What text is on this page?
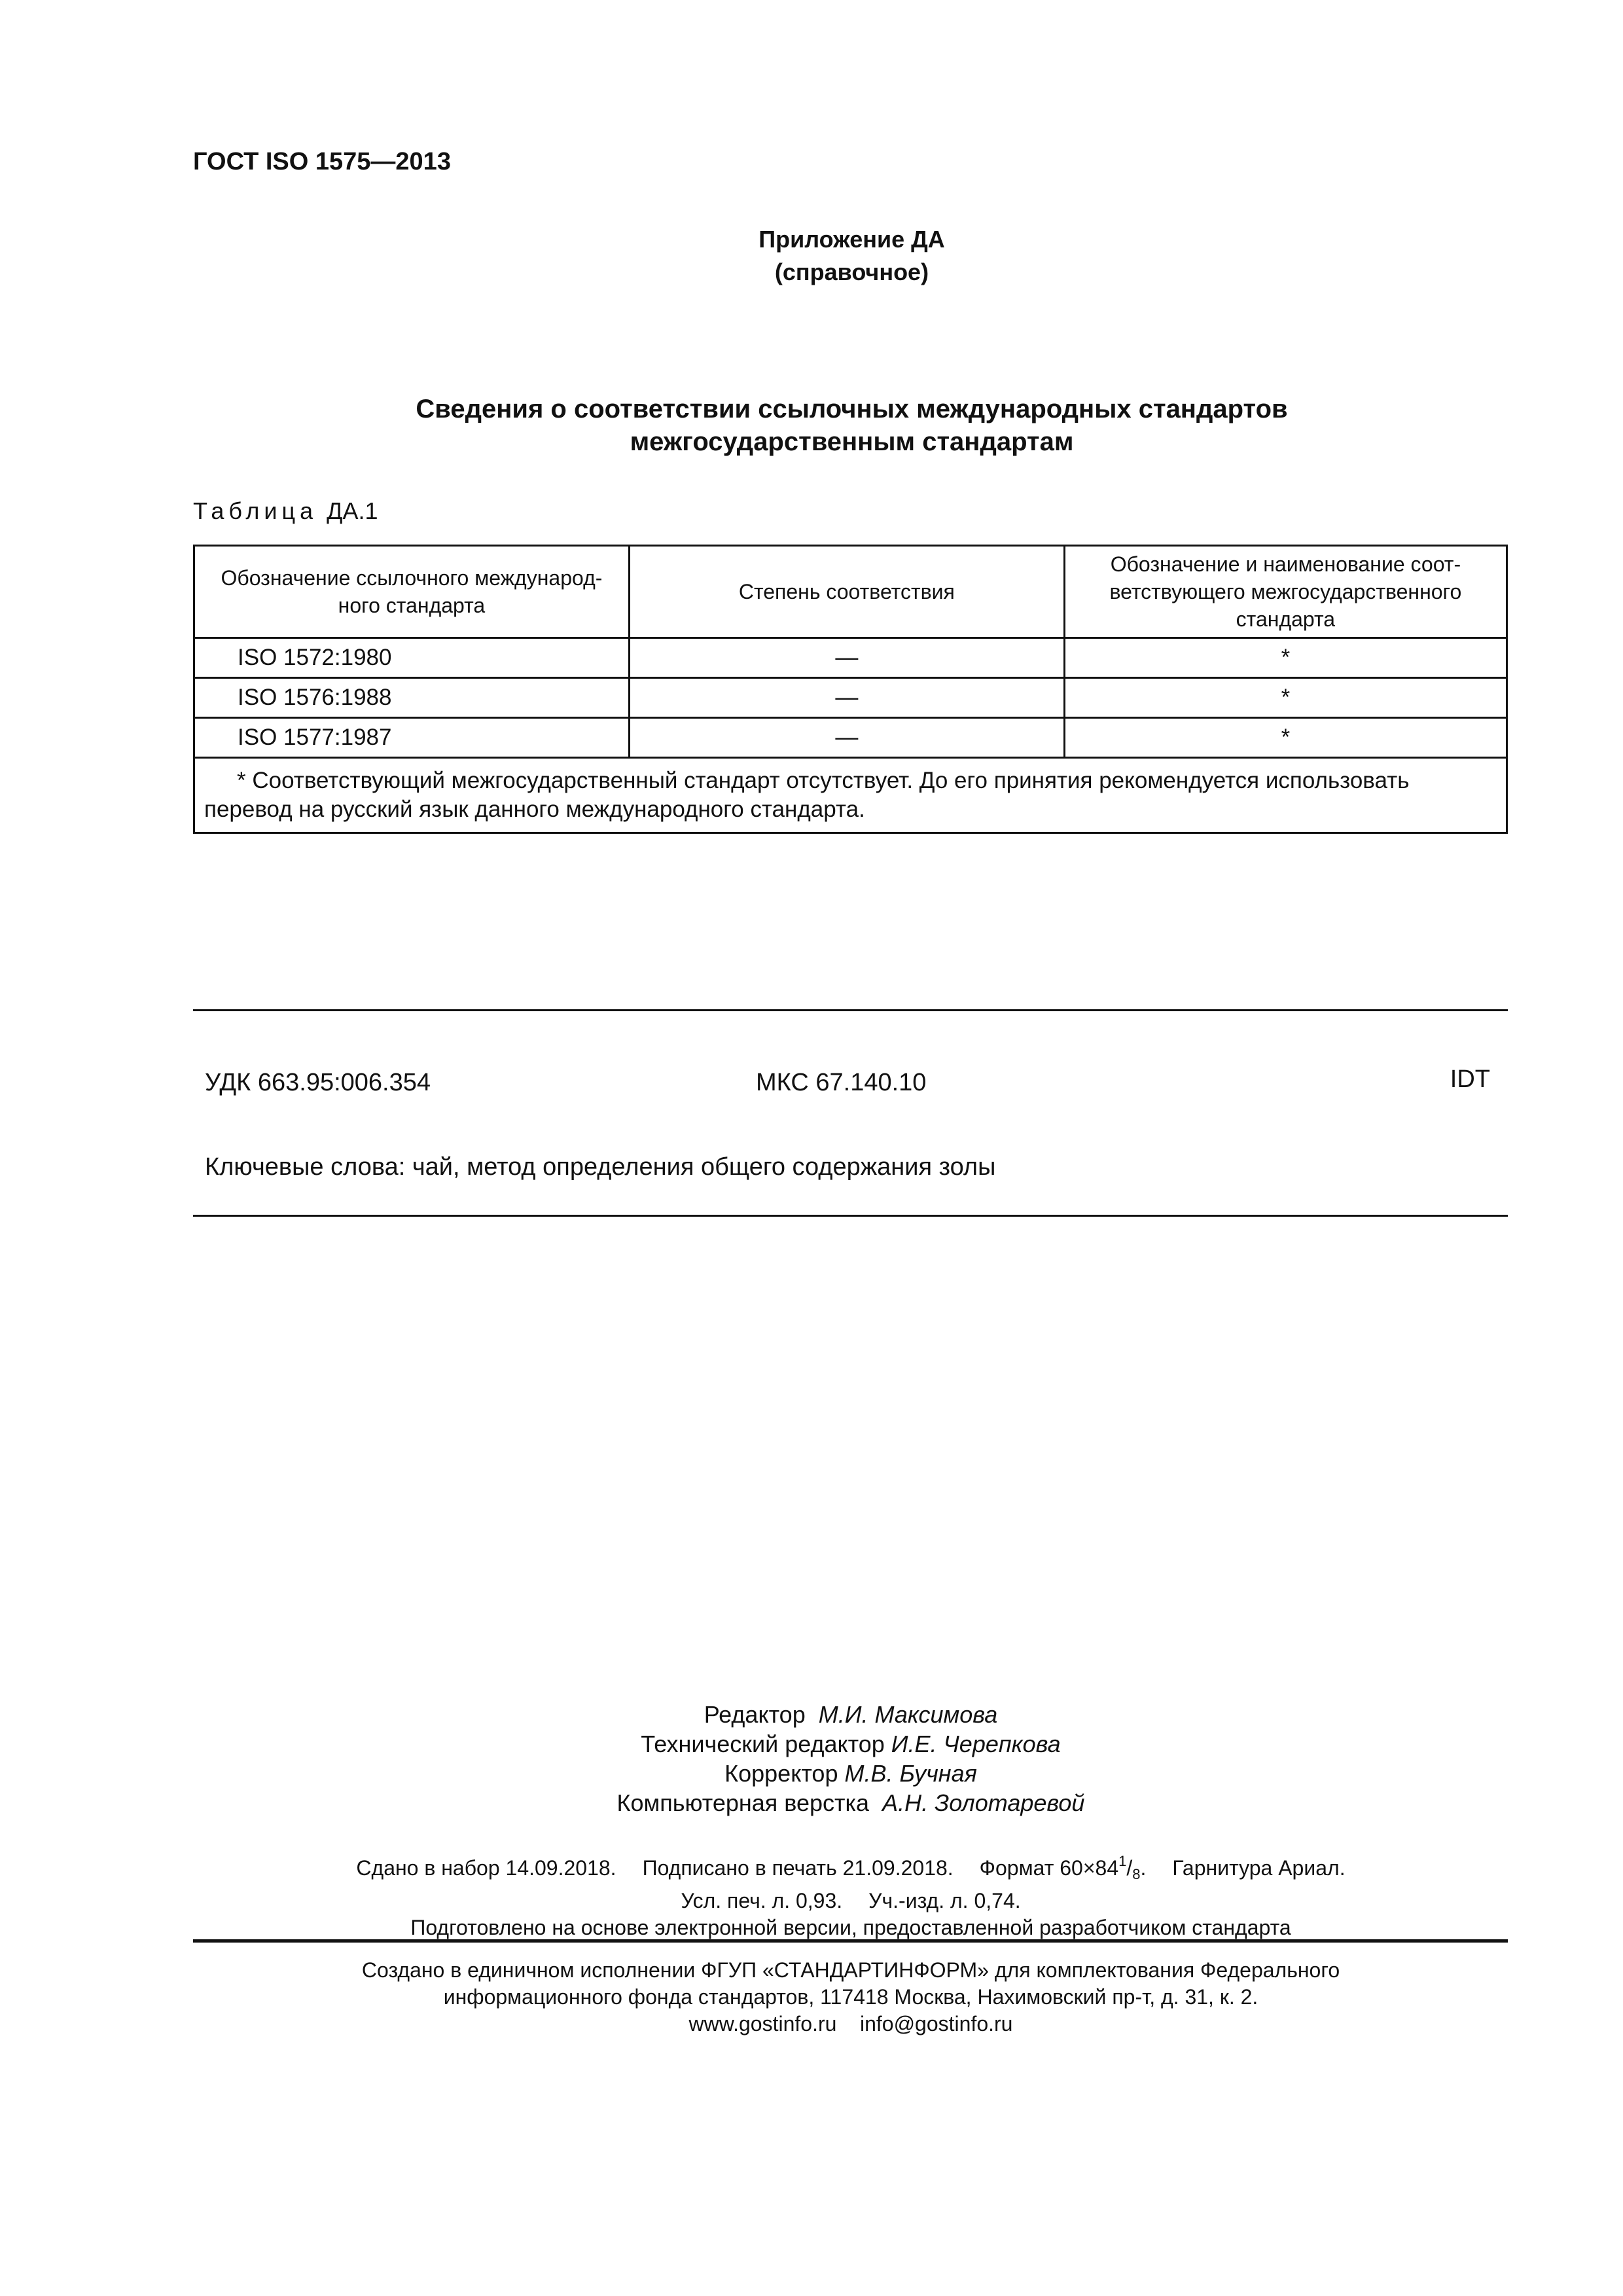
ГОСТ ISO 1575—2013
Приложение ДА
(справочное)
Сведения о соответствии ссылочных международных стандартов
межгосударственным стандартам
Таблица ДА.1
Обозначение ссылочного международ-ного стандарта	Степень соответствия	Обозначение и наименование соот-ветствующего межгосударственного стандарта
ISO 1572:1980	—	*
ISO 1576:1988	—	*
ISO 1577:1987	—	*

* Соответствующий межгосударственный стандарт отсутствует. До его принятия рекомендуется использовать перевод на русский язык данного международного стандарта.		
УДК 663.95:006.354	МКС 67.140.10	IDT
Ключевые слова: чай, метод определения общего содержания золы
Редактор М.И. Максимова
Технический редактор И.Е. Черепкова
Корректор М.В. Бучная
Компьютерная верстка А.Н. Золотаревой
Сдано в набор 14.09.2018. Подписано в печать 21.09.2018. Формат $60\times 84^1/8$. Гарнитура Ариал.
Усл. печ. л. 0,93. Уч.-изд. л. 0,74.
Подготовлено на основе электронной версии, предоставленной разработчиком стандарта
Создано в единичном исполнении ФГУП «СТАНДАРТИНФОРМ» для комплектования Федерального
информационного фонда стандартов, 117418 Москва, Нахимовский пр-т, д. 31, к. 2.
www.gostinfo.ru info@gostinfo.ru
